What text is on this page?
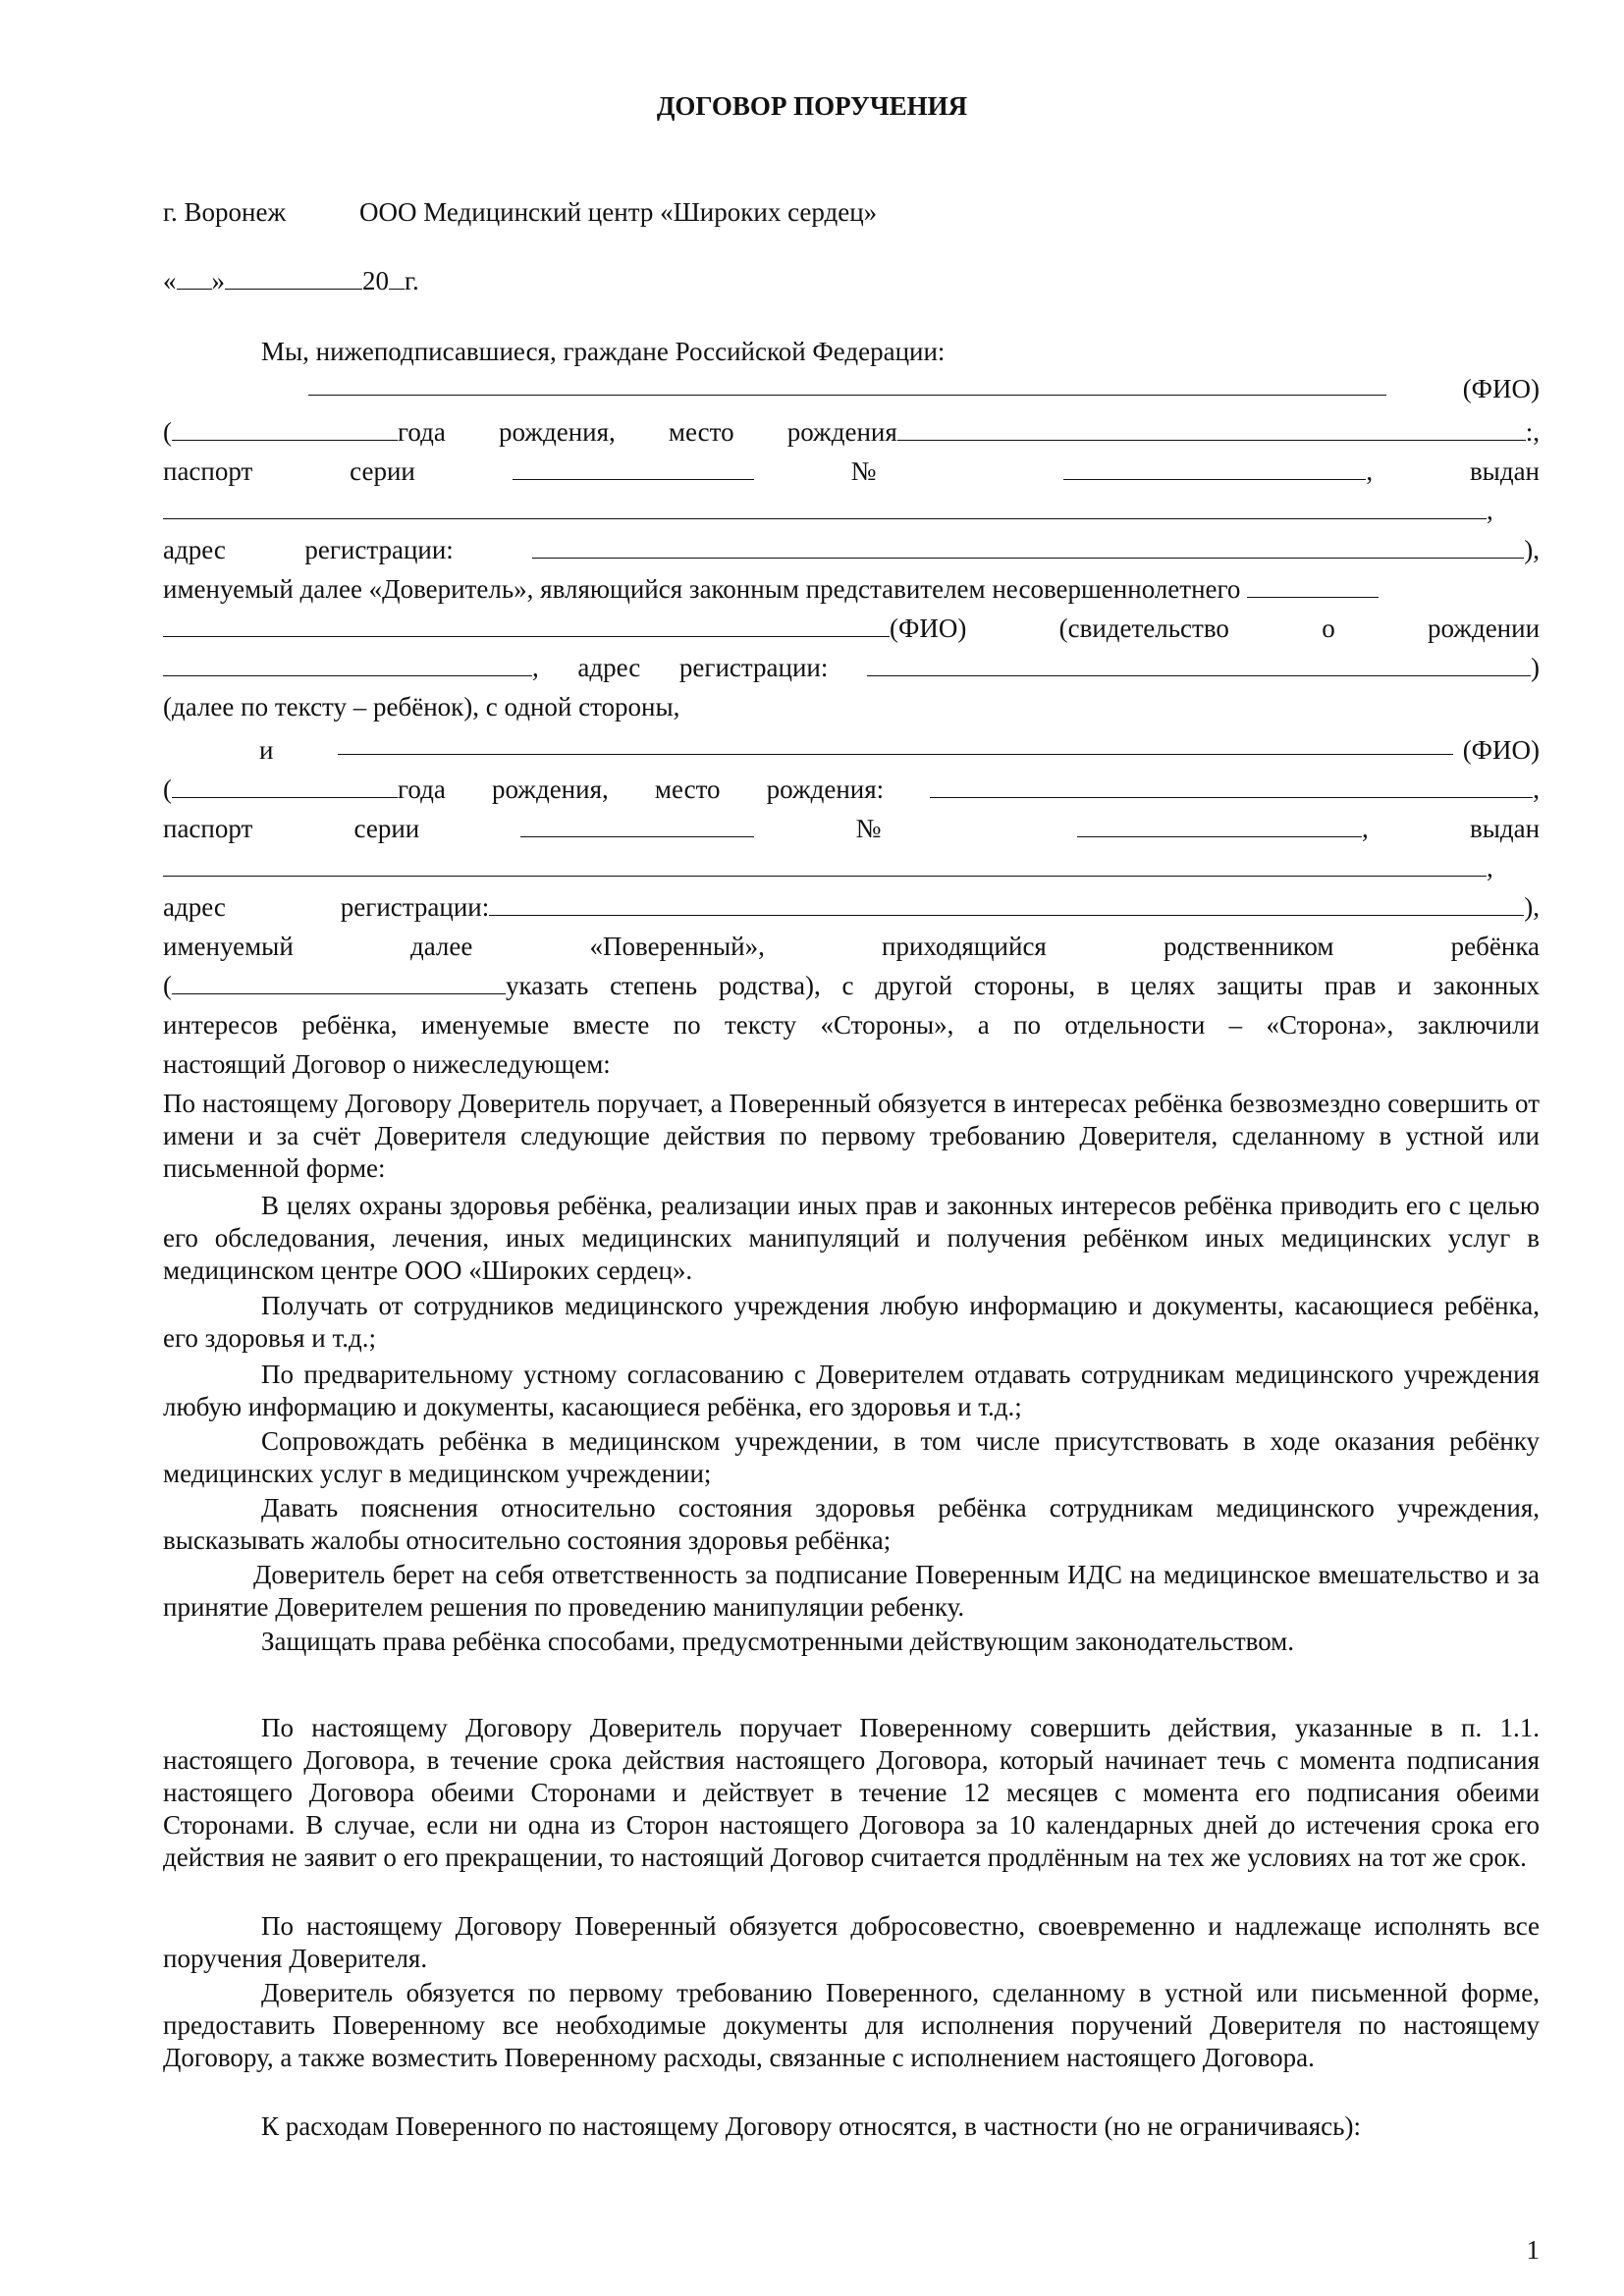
ДОГОВОР ПОРУЧЕНИЯ
г. Воронеж	ООО Медицинский центр «Широких сердец»
« »	20 г.
Мы, нижеподписавшиеся, граждане Российской Федерации:
(ФИО)
(	года рождения, место рождения	:,
паспорт	серии	№	,	выдан
,
адрес	регистрации:	),
именуемый далее «Доверитель», являющийся законным представителем несовершеннолетнего
(ФИО)	(свидетельство	о	рождении
, адрес регистрации:	)
(далее по тексту – ребёнок), с одной стороны,
и	(ФИО)
(	года рождения, место рождения:	,
паспорт	серии	№	,	выдан
,
адрес	регистрации:	),
именуемый	далее	«Поверенный»,	приходящийся	родственником	ребёнка
(	указать степень родства), с другой стороны, в целях защиты прав и законных
интересов ребёнка, именуемые вместе по тексту «Стороны», а по отдельности – «Сторона», заключили
настоящий Договор о нижеследующем:
По настоящему Договору Доверитель поручает, а Поверенный обязуется в интересах ребёнка безвозмездно совершить от имени и за счёт Доверителя следующие действия по первому требованию Доверителя, сделанному в устной или письменной форме:
В целях охраны здоровья ребёнка, реализации иных прав и законных интересов ребёнка приводить его с целью его обследования, лечения, иных медицинских манипуляций и получения ребёнком иных медицинских услуг в медицинском центре ООО «Широких сердец».
Получать от сотрудников медицинского учреждения любую информацию и документы, касающиеся ребёнка, его здоровья и т.д.;
По предварительному устному согласованию с Доверителем отдавать сотрудникам медицинского учреждения любую информацию и документы, касающиеся ребёнка, его здоровья и т.д.;
Сопровождать ребёнка в медицинском учреждении, в том числе присутствовать в ходе оказания ребёнку медицинских услуг в медицинском учреждении;
Давать пояснения относительно состояния здоровья ребёнка сотрудникам медицинского учреждения, высказывать жалобы относительно состояния здоровья ребёнка;
Доверитель берет на себя ответственность за подписание Поверенным ИДС на медицинское вмешательство и за принятие Доверителем решения по проведению манипуляции ребенку.
Защищать права ребёнка способами, предусмотренными действующим законодательством.
По настоящему Договору Доверитель поручает Поверенному совершить действия, указанные в п. 1.1. настоящего Договора, в течение срока действия настоящего Договора, который начинает течь с момента подписания настоящего Договора обеими Сторонами и действует в течение 12 месяцев с момента его подписания обеими Сторонами. В случае, если ни одна из Сторон настоящего Договора за 10 календарных дней до истечения срока его действия не заявит о его прекращении, то настоящий Договор считается продлённым на тех же условиях на тот же срок.
По настоящему Договору Поверенный обязуется добросовестно, своевременно и надлежаще исполнять все поручения Доверителя.
Доверитель обязуется по первому требованию Поверенного, сделанному в устной или письменной форме, предоставить Поверенному все необходимые документы для исполнения поручений Доверителя по настоящему Договору, а также возместить Поверенному расходы, связанные с исполнением настоящего Договора.
К расходам Поверенного по настоящему Договору относятся, в частности (но не ограничиваясь):
1
